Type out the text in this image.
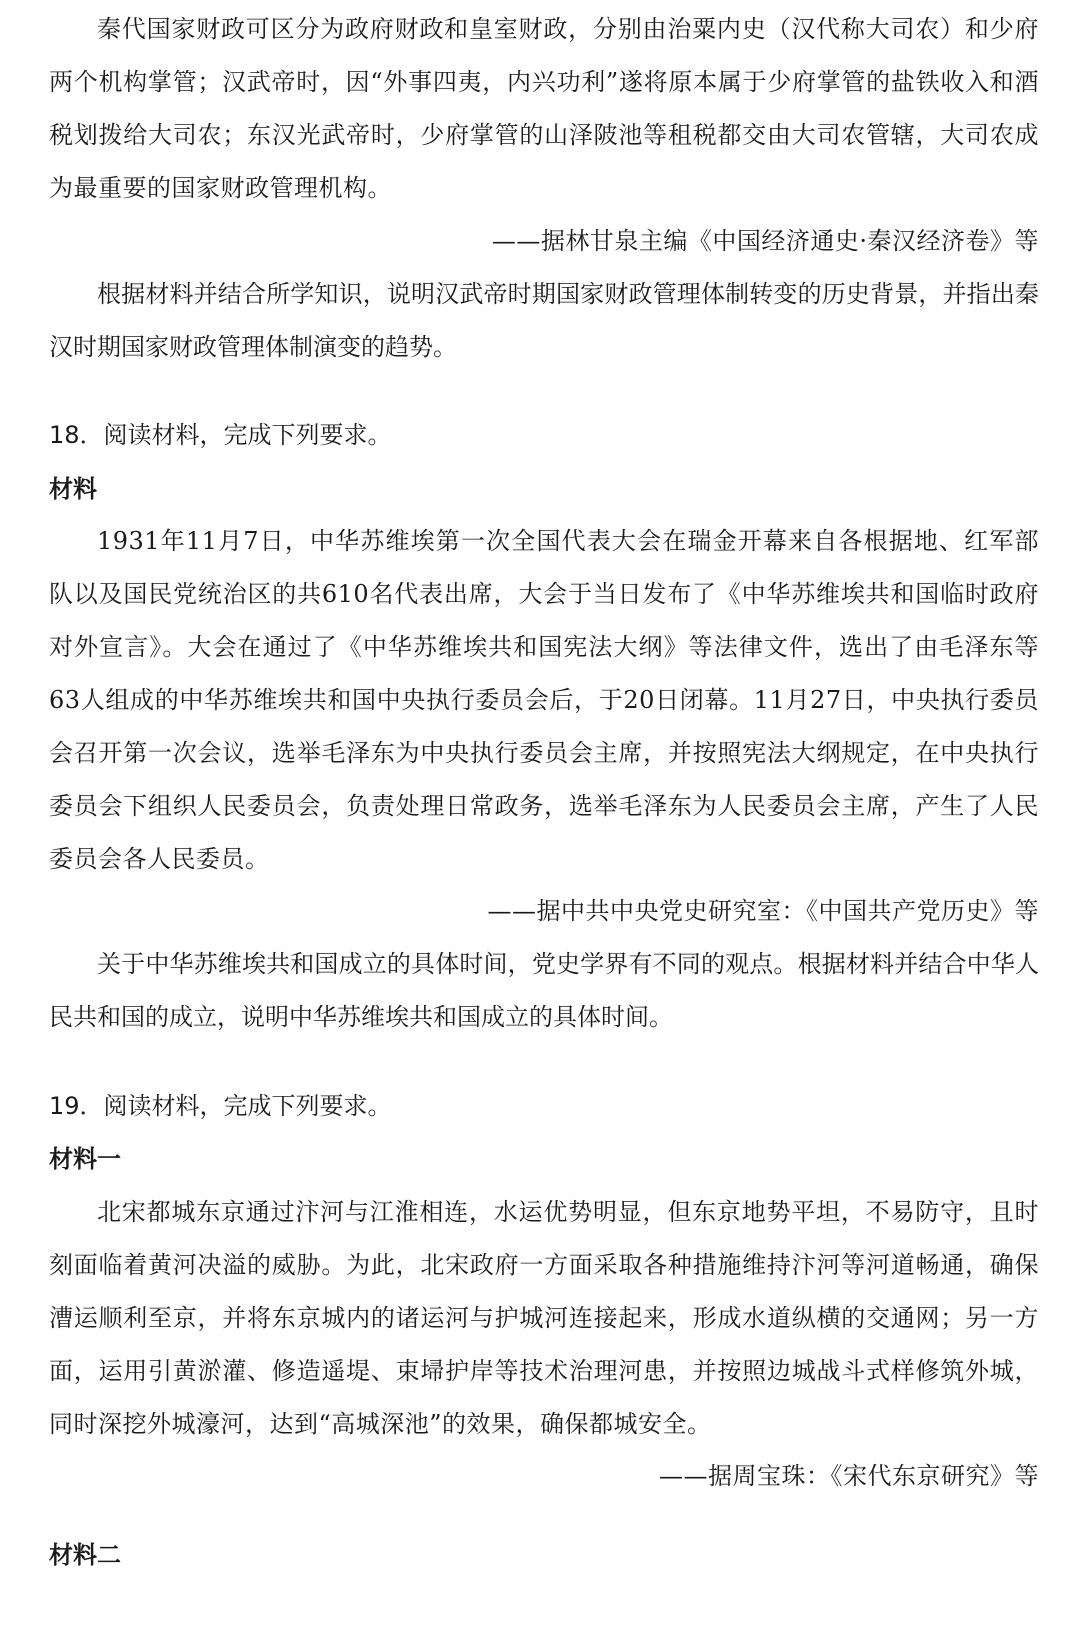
秦代国家财政可区分为政府财政和皇室财政，分别由治粟内史（汉代称大司农）和少府两个机构掌管；汉武帝时，因“外事四夷，内兴功利”遂将原本属于少府掌管的盐铁收入和酒税划拨给大司农；东汉光武帝时，少府掌管的山泽陂池等租税都交由大司农管辖，大司农成为最重要的国家财政管理机构。

——据林甘泉主编《中国经济通史·秦汉经济卷》等

根据材料并结合所学知识，说明汉武帝时期国家财政管理体制转变的历史背景，并指出秦汉时期国家财政管理体制演变的趋势。

18．阅读材料，完成下列要求。

材料

1931年11月7日，中华苏维埃第一次全国代表大会在瑞金开幕来自各根据地、红军部队以及国民党统治区的共610名代表出席，大会于当日发布了《中华苏维埃共和国临时政府对外宣言》。大会在通过了《中华苏维埃共和国宪法大纲》等法律文件，选出了由毛泽东等63人组成的中华苏维埃共和国中央执行委员会后，于20日闭幕。11月27日，中央执行委员会召开第一次会议，选举毛泽东为中央执行委员会主席，并按照宪法大纲规定，在中央执行委员会下组织人民委员会，负责处理日常政务，选举毛泽东为人民委员会主席，产生了人民委员会各人民委员。

——据中共中央党史研究室：《中国共产党历史》等

关于中华苏维埃共和国成立的具体时间，党史学界有不同的观点。根据材料并结合中华人民共和国的成立，说明中华苏维埃共和国成立的具体时间。

19．阅读材料，完成下列要求。

材料一

北宋都城东京通过汴河与江淮相连，水运优势明显，但东京地势平坦，不易防守，且时刻面临着黄河决溢的威胁。为此，北宋政府一方面采取各种措施维持汴河等河道畅通，确保漕运顺利至京，并将东京城内的诸运河与护城河连接起来，形成水道纵横的交通网；另一方面，运用引黄淤灌、修造遥堤、束埽护岸等技术治理河患，并按照边城战斗式样修筑外城，同时深挖外城濠河，达到“高城深池”的效果，确保都城安全。

——据周宝珠：《宋代东京研究》等

材料二
